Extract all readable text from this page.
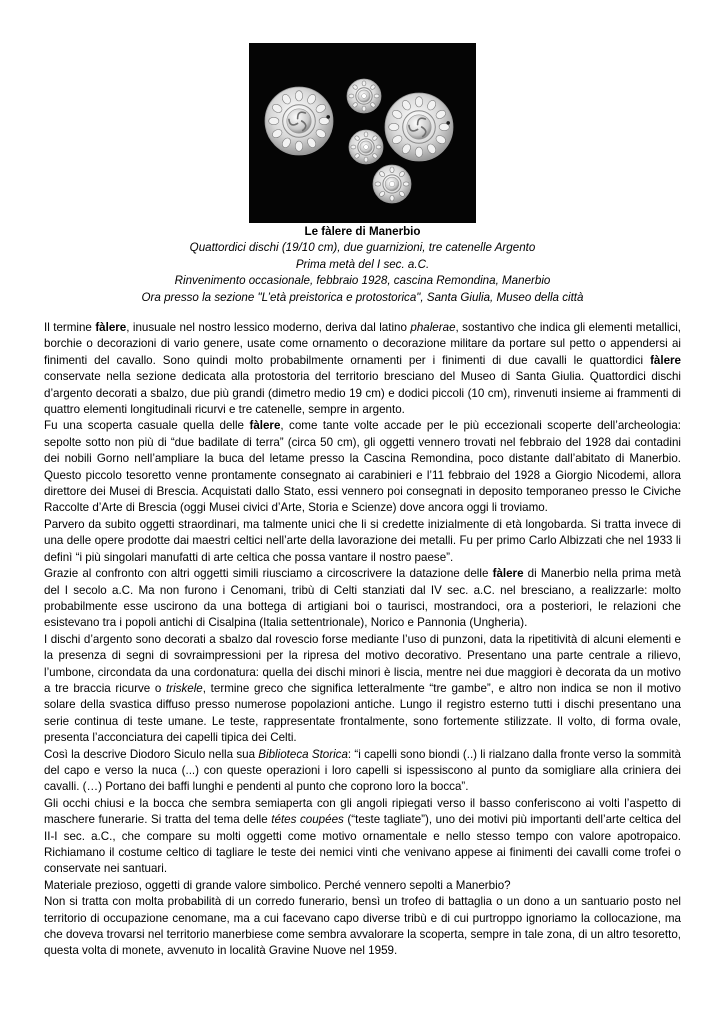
Le fàlere di Manerbio
Quattordici dischi (19/10 cm), due guarnizioni, tre catenelle Argento
Prima metà del I sec. a.C.
Rinvenimento occasionale, febbraio 1928, cascina Remondina, Manerbio
Ora presso la sezione "L’età preistorica e protostorica", Santa Giulia, Museo della città

Il termine fàlere, inusuale nel nostro lessico moderno, deriva dal latino phalerae, sostantivo che indica gli elementi metallici, borchie o decorazioni di vario genere, usate come ornamento o decorazione militare da portare sul petto o appendersi ai finimenti del cavallo. Sono quindi molto probabilmente ornamenti per i finimenti di due cavalli le quattordici fàlere conservate nella sezione dedicata alla protostoria del territorio bresciano del Museo di Santa Giulia. Quattordici dischi d’argento decorati a sbalzo, due più grandi (dimetro medio 19 cm) e dodici piccoli (10 cm), rinvenuti insieme ai frammenti di quattro elementi longitudinali ricurvi e tre catenelle, sempre in argento.

Fu una scoperta casuale quella delle fàlere, come tante volte accade per le più eccezionali scoperte dell’archeologia: sepolte sotto non più di “due badilate di terra” (circa 50 cm), gli oggetti vennero trovati nel febbraio del 1928 dai contadini dei nobili Gorno nell’ampliare la buca del letame presso la Cascina Remondina, poco distante dall’abitato di Manerbio. Questo piccolo tesoretto venne prontamente consegnato ai carabinieri e l’11 febbraio del 1928 a Giorgio Nicodemi, allora direttore dei Musei di Brescia. Acquistati dallo Stato, essi vennero poi consegnati in deposito temporaneo presso le Civiche Raccolte d’Arte di Brescia (oggi Musei civici d’Arte, Storia e Scienze) dove ancora oggi li troviamo.

Parvero da subito oggetti straordinari, ma talmente unici che li si credette inizialmente di età longobarda. Si tratta invece di una delle opere prodotte dai maestri celtici nell’arte della lavorazione dei metalli. Fu per primo Carlo Albizzati che nel 1933 li definì “i più singolari manufatti di arte celtica che possa vantare il nostro paese”.

Grazie al confronto con altri oggetti simili riusciamo a circoscrivere la datazione delle fàlere di Manerbio nella prima metà del I secolo a.C. Ma non furono i Cenomani, tribù di Celti stanziati dal IV sec. a.C. nel bresciano, a realizzarle: molto probabilmente esse uscirono da una bottega di artigiani boi o taurisci, mostrandoci, ora a posteriori, le relazioni che esistevano tra i popoli antichi di Cisalpina (Italia settentrionale), Norico e Pannonia (Ungheria).

I dischi d’argento sono decorati a sbalzo dal rovescio forse mediante l’uso di punzoni, data la ripetitività di alcuni elementi e la presenza di segni di sovraimpressioni per la ripresa del motivo decorativo. Presentano una parte centrale a rilievo, l’umbone, circondata da una cordonatura: quella dei dischi minori è liscia, mentre nei due maggiori è decorata da un motivo a tre braccia ricurve o triskele, termine greco che significa letteralmente “tre gambe”, e altro non indica se non il motivo solare della svastica diffuso presso numerose popolazioni antiche. Lungo il registro esterno tutti i dischi presentano una serie continua di teste umane. Le teste, rappresentate frontalmente, sono fortemente stilizzate. Il volto, di forma ovale, presenta l’acconciatura dei capelli tipica dei Celti.

Così la descrive Diodoro Siculo nella sua Biblioteca Storica: “i capelli sono biondi (..) li rialzano dalla fronte verso la sommità del capo e verso la nuca (...) con queste operazioni i loro capelli si ispessiscono al punto da somigliare alla criniera dei cavalli. (…) Portano dei baffi lunghi e pendenti al punto che coprono loro la bocca”.

Gli occhi chiusi e la bocca che sembra semiaperta con gli angoli ripiegati verso il basso conferiscono ai volti l’aspetto di maschere funerarie. Si tratta del tema delle tétes coupées (“teste tagliate”), uno dei motivi più importanti dell’arte celtica del II-I sec. a.C., che compare su molti oggetti come motivo ornamentale e nello stesso tempo con valore apotropaico. Richiamano il costume celtico di tagliare le teste dei nemici vinti che venivano appese ai finimenti dei cavalli come trofei o conservate nei santuari.

Materiale prezioso, oggetti di grande valore simbolico. Perché vennero sepolti a Manerbio?

Non si tratta con molta probabilità di un corredo funerario, bensì un trofeo di battaglia o un dono a un santuario posto nel territorio di occupazione cenomane, ma a cui facevano capo diverse tribù e di cui purtroppo ignoriamo la collocazione, ma che doveva trovarsi nel territorio manerbiese come sembra avvalorare la scoperta, sempre in tale zona, di un altro tesoretto, questa volta di monete, avvenuto in località Gravine Nuove nel 1959.
